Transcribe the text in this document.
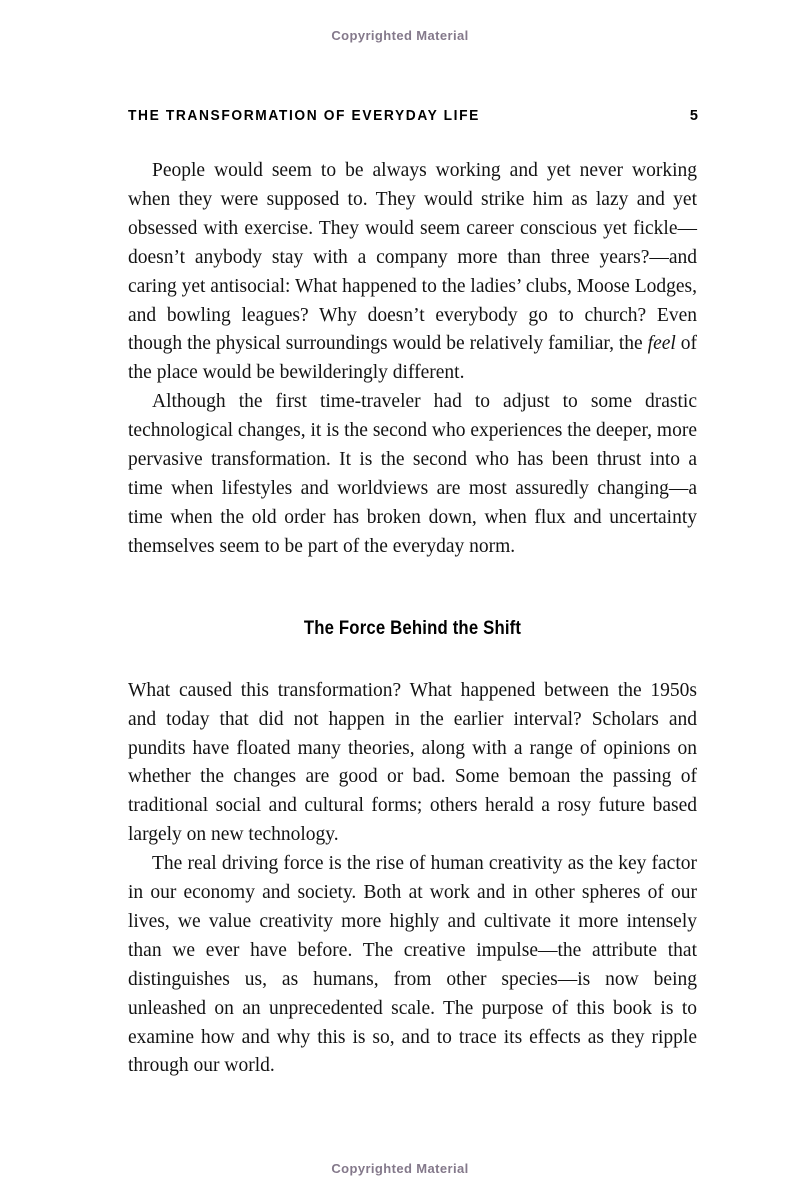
Copyrighted Material
THE TRANSFORMATION OF EVERYDAY LIFE	5

People would seem to be always working and yet never working when they were supposed to. They would strike him as lazy and yet obsessed with exercise. They would seem career conscious yet fickle—doesn’t anybody stay with a company more than three years?—and caring yet antisocial: What happened to the ladies’ clubs, Moose Lodges, and bowling leagues? Why doesn’t everybody go to church? Even though the physical surroundings would be relatively familiar, the feel of the place would be bewilderingly different.

Although the first time-traveler had to adjust to some drastic technological changes, it is the second who experiences the deeper, more pervasive transformation. It is the second who has been thrust into a time when lifestyles and worldviews are most assuredly changing—a time when the old order has broken down, when flux and uncertainty themselves seem to be part of the everyday norm.

The Force Behind the Shift

What caused this transformation? What happened between the 1950s and today that did not happen in the earlier interval? Scholars and pundits have floated many theories, along with a range of opinions on whether the changes are good or bad. Some bemoan the passing of traditional social and cultural forms; others herald a rosy future based largely on new technology.

The real driving force is the rise of human creativity as the key factor in our economy and society. Both at work and in other spheres of our lives, we value creativity more highly and cultivate it more intensely than we ever have before. The creative impulse—the attribute that distinguishes us, as humans, from other species—is now being unleashed on an unprecedented scale. The purpose of this book is to examine how and why this is so, and to trace its effects as they ripple through our world.

Copyrighted Material
